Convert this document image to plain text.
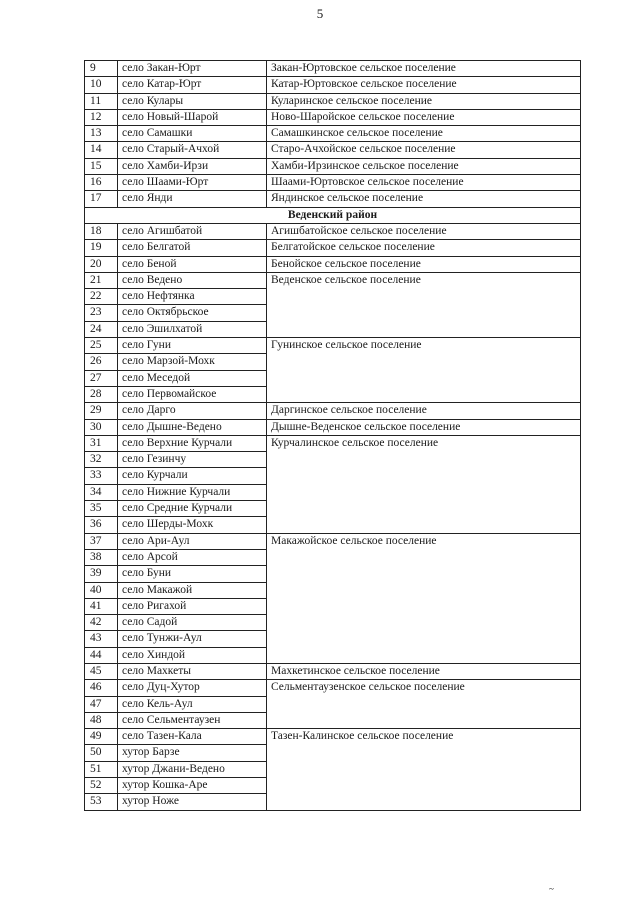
5
9	село Закан-Юрт	Закан-Юртовское сельское поселение
10	село Катар-Юрт	Катар-Юртовское сельское поселение
11	село Кулары	Куларинское сельское поселение
12	село Новый-Шарой	Ново-Шаройское сельское поселение
13	село Самашки	Самашкинское сельское поселение
14	село Старый-Ачхой	Старо-Ачхойское сельское поселение
15	село Хамби-Ирзи	Хамби-Ирзинское сельское поселение
16	село Шаами-Юрт	Шаами-Юртовское сельское поселение
17	село Янди	Яндинское сельское поселение
Веденский район		
18	село Агишбатой	Агишбатойское сельское поселение
19	село Белгатой	Белгатойское сельское поселение
20	село Беной	Бенойское сельское поселение
21	село Ведено	Веденское сельское поселение
22	село Нефтянка	
23	село Октябрьское	
24	село Эшилхатой	
25	село Гуни	Гунинское сельское поселение
26	село Марзой-Мохк	
27	село Меседой	
28	село Первомайское	
29	село Дарго	Даргинское сельское поселение
30	село Дышне-Ведено	Дышне-Веденское сельское поселение
31	село Верхние Курчали	Курчалинское сельское поселение
32	село Гезинчу	
33	село Курчали	
34	село Нижние Курчали	
35	село Средние Курчали	
36	село Шерды-Мохк	
37	село Ари-Аул	Макажойское сельское поселение
38	село Арсой	
39	село Буни	
40	село Макажой	
41	село Ригахой	
42	село Садой	
43	село Тунжи-Аул	
44	село Хиндой	
45	село Махкеты	Махкетинское сельское поселение
46	село Дуц-Хутор	Сельментаузенское сельское поселение
47	село Кель-Аул	
48	село Сельментаузен	
49	село Тазен-Кала	Тазен-Калинское сельское поселение
50	хутор Барзе	
51	хутор Джани-Ведено	
52	хутор Кошка-Аре	
53	хутор Ноже	
~
